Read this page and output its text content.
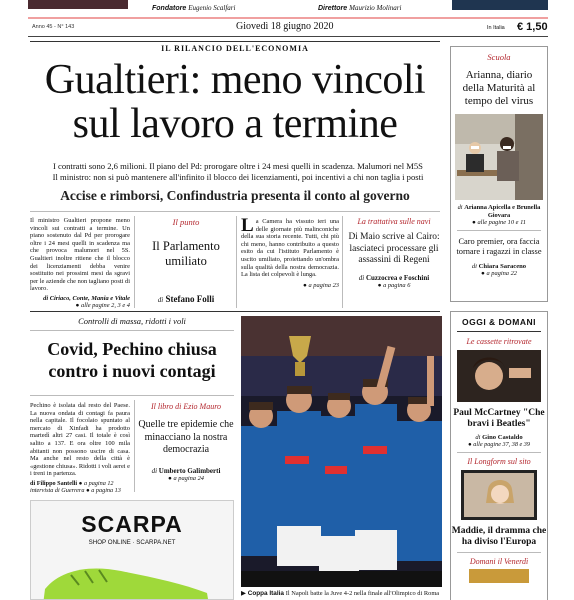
Fondatore Eugenio Scalfari	Direttore Maurizio Molinari
Anno 45 - N° 143	Giovedì 18 giugno 2020	In Italia € 1,50
IL RILANCIO DELL'ECONOMIA
Gualtieri: meno vincoli
sul lavoro a termine
I contratti sono 2,6 milioni. Il piano del Pd: prorogare oltre i 24 mesi quelli in scadenza. Malumori nel M5S
Il ministro: non si può mantenere all'infinito il blocco dei licenziamenti, poi incentivi a chi non taglia i posti
Accise e rimborsi, Confindustria presenta il conto al governo

Il ministro Gualtieri propone meno vincoli sui contratti a termine. Un piano sostenuto dal Pd per prorogare oltre i 24 mesi quelli in scadenza ma che provoca malumori nel 5S. Gualtieri inoltre ritiene che il blocco dei licenziamenti debba venire sostituito nei prossimi mesi da sgravi per le aziende che non tagliano posti di lavoro.

di Ciriaco, Conte, Mania e Vitale
● alle pagine 2, 3 e 4
Il punto
Il Parlamento umiliato
di Stefano Folli

La Camera ha vissuto ieri una delle giornate più malinconiche della sua storia recente. Tutti, chi più chi meno, hanno contribuito a questo esito da cui l'istituto Parlamento è uscito umiliato, proiettando un'ombra sulla qualità della nostra democrazia. La lista dei colpevoli è lunga.

● a pagina 23
La trattativa sulle navi
Di Maio scrive al Cairo: lasciateci processare gli assassini di Regeni
di Cuzzocrea e Foschini
● a pagina 6
Scuola
Arianna, diario della Maturità al tempo del virus
di Arianna Apicella e Brunella Giovara
● alle pagine 10 e 11
Caro premier, ora faccia tornare i ragazzi in classe
di Chiara Saraceno
● a pagina 22
Controlli di massa, ridotti i voli
Covid, Pechino chiusa
contro i nuovi contagi

Pechino è isolata dal resto del Paese. La nuova ondata di contagi fa paura nella capitale. Il focolaio spuntato al mercato di Xinfadi ha prodotto martedì altri 27 casi. Il totale è così salito a 137. E ora oltre 100 mila abitanti non possono uscire di casa. Ma anche nel resto della città è «gestione chiusa». Ridotti i voli aerei e i treni in partenza.

di Filippo Santelli ● a pagina 12
intervista di Guerrera ● a pagina 13
Il libro di Ezio Mauro
Quelle tre epidemie che minacciano la nostra democrazia
di Umberto Galimberti
● a pagina 24
SCARPA
SHOP ONLINE · SCARPA.NET
▶ Coppa Italia Il Napoli batte la Juve 4-2 nella finale all'Olimpico di Roma
OGGI & DOMANI
Le cassette ritrovate
Paul McCartney "Che bravi i Beatles"
di Gino Castaldo
● alle pagine 37, 38 e 39
Il Longform sul sito
Maddie, il dramma che ha diviso l'Europa
Domani il Venerdì
